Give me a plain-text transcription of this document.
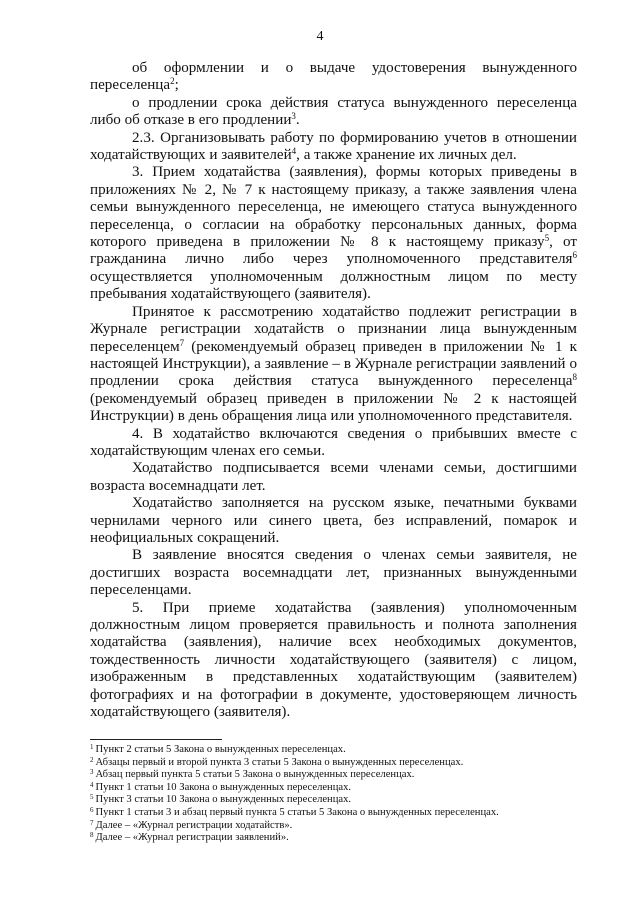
4

об оформлении и о выдаче удостоверения вынужденного переселенца$^2$;

о продлении срока действия статуса вынужденного переселенца либо об отказе в его продлении$^3$.

2.3. Организовывать работу по формированию учетов в отношении ходатайствующих и заявителей$^4$, а также хранение их личных дел.

3. Прием ходатайства (заявления), формы которых приведены в приложениях № 2, № 7 к настоящему приказу, а также заявления члена семьи вынужденного переселенца, не имеющего статуса вынужденного переселенца, о согласии на обработку персональных данных, форма которого приведена в приложении № 8 к настоящему приказу$^5$, от гражданина лично либо через уполномоченного представителя$^6$ осуществляется уполномоченным должностным лицом по месту пребывания ходатайствующего (заявителя).

Принятое к рассмотрению ходатайство подлежит регистрации в Журнале регистрации ходатайств о признании лица вынужденным переселенцем$^7$ (рекомендуемый образец приведен в приложении № 1 к настоящей Инструкции), а заявление – в Журнале регистрации заявлений о продлении срока действия статуса вынужденного переселенца$^8$ (рекомендуемый образец приведен в приложении № 2 к настоящей Инструкции) в день обращения лица или уполномоченного представителя.

4. В ходатайство включаются сведения о прибывших вместе с ходатайствующим членах его семьи.

Ходатайство подписывается всеми членами семьи, достигшими возраста восемнадцати лет.

Ходатайство заполняется на русском языке, печатными буквами чернилами черного или синего цвета, без исправлений, помарок и неофициальных сокращений.

В заявление вносятся сведения о членах семьи заявителя, не достигших возраста восемнадцати лет, признанных вынужденными переселенцами.

5. При приеме ходатайства (заявления) уполномоченным должностным лицом проверяется правильность и полнота заполнения ходатайства (заявления), наличие всех необходимых документов, тождественность личности ходатайствующего (заявителя) с лицом, изображенным в представленных ходатайствующим (заявителем) фотографиях и на фотографии в документе, удостоверяющем личность ходатайствующего (заявителя).

$^1$ Пункт 2 статьи 5 Закона о вынужденных переселенцах.

$^2$ Абзацы первый и второй пункта 3 статьи 5 Закона о вынужденных переселенцах.

$^3$ Абзац первый пункта 5 статьи 5 Закона о вынужденных переселенцах.

$^4$ Пункт 1 статьи 10 Закона о вынужденных переселенцах.

$^5$ Пункт 3 статьи 10 Закона о вынужденных переселенцах.

$^6$ Пункт 1 статьи 3 и абзац первый пункта 5 статьи 5 Закона о вынужденных переселенцах.

$^7$ Далее – «Журнал регистрации ходатайств».

$^8$ Далее – «Журнал регистрации заявлений».
